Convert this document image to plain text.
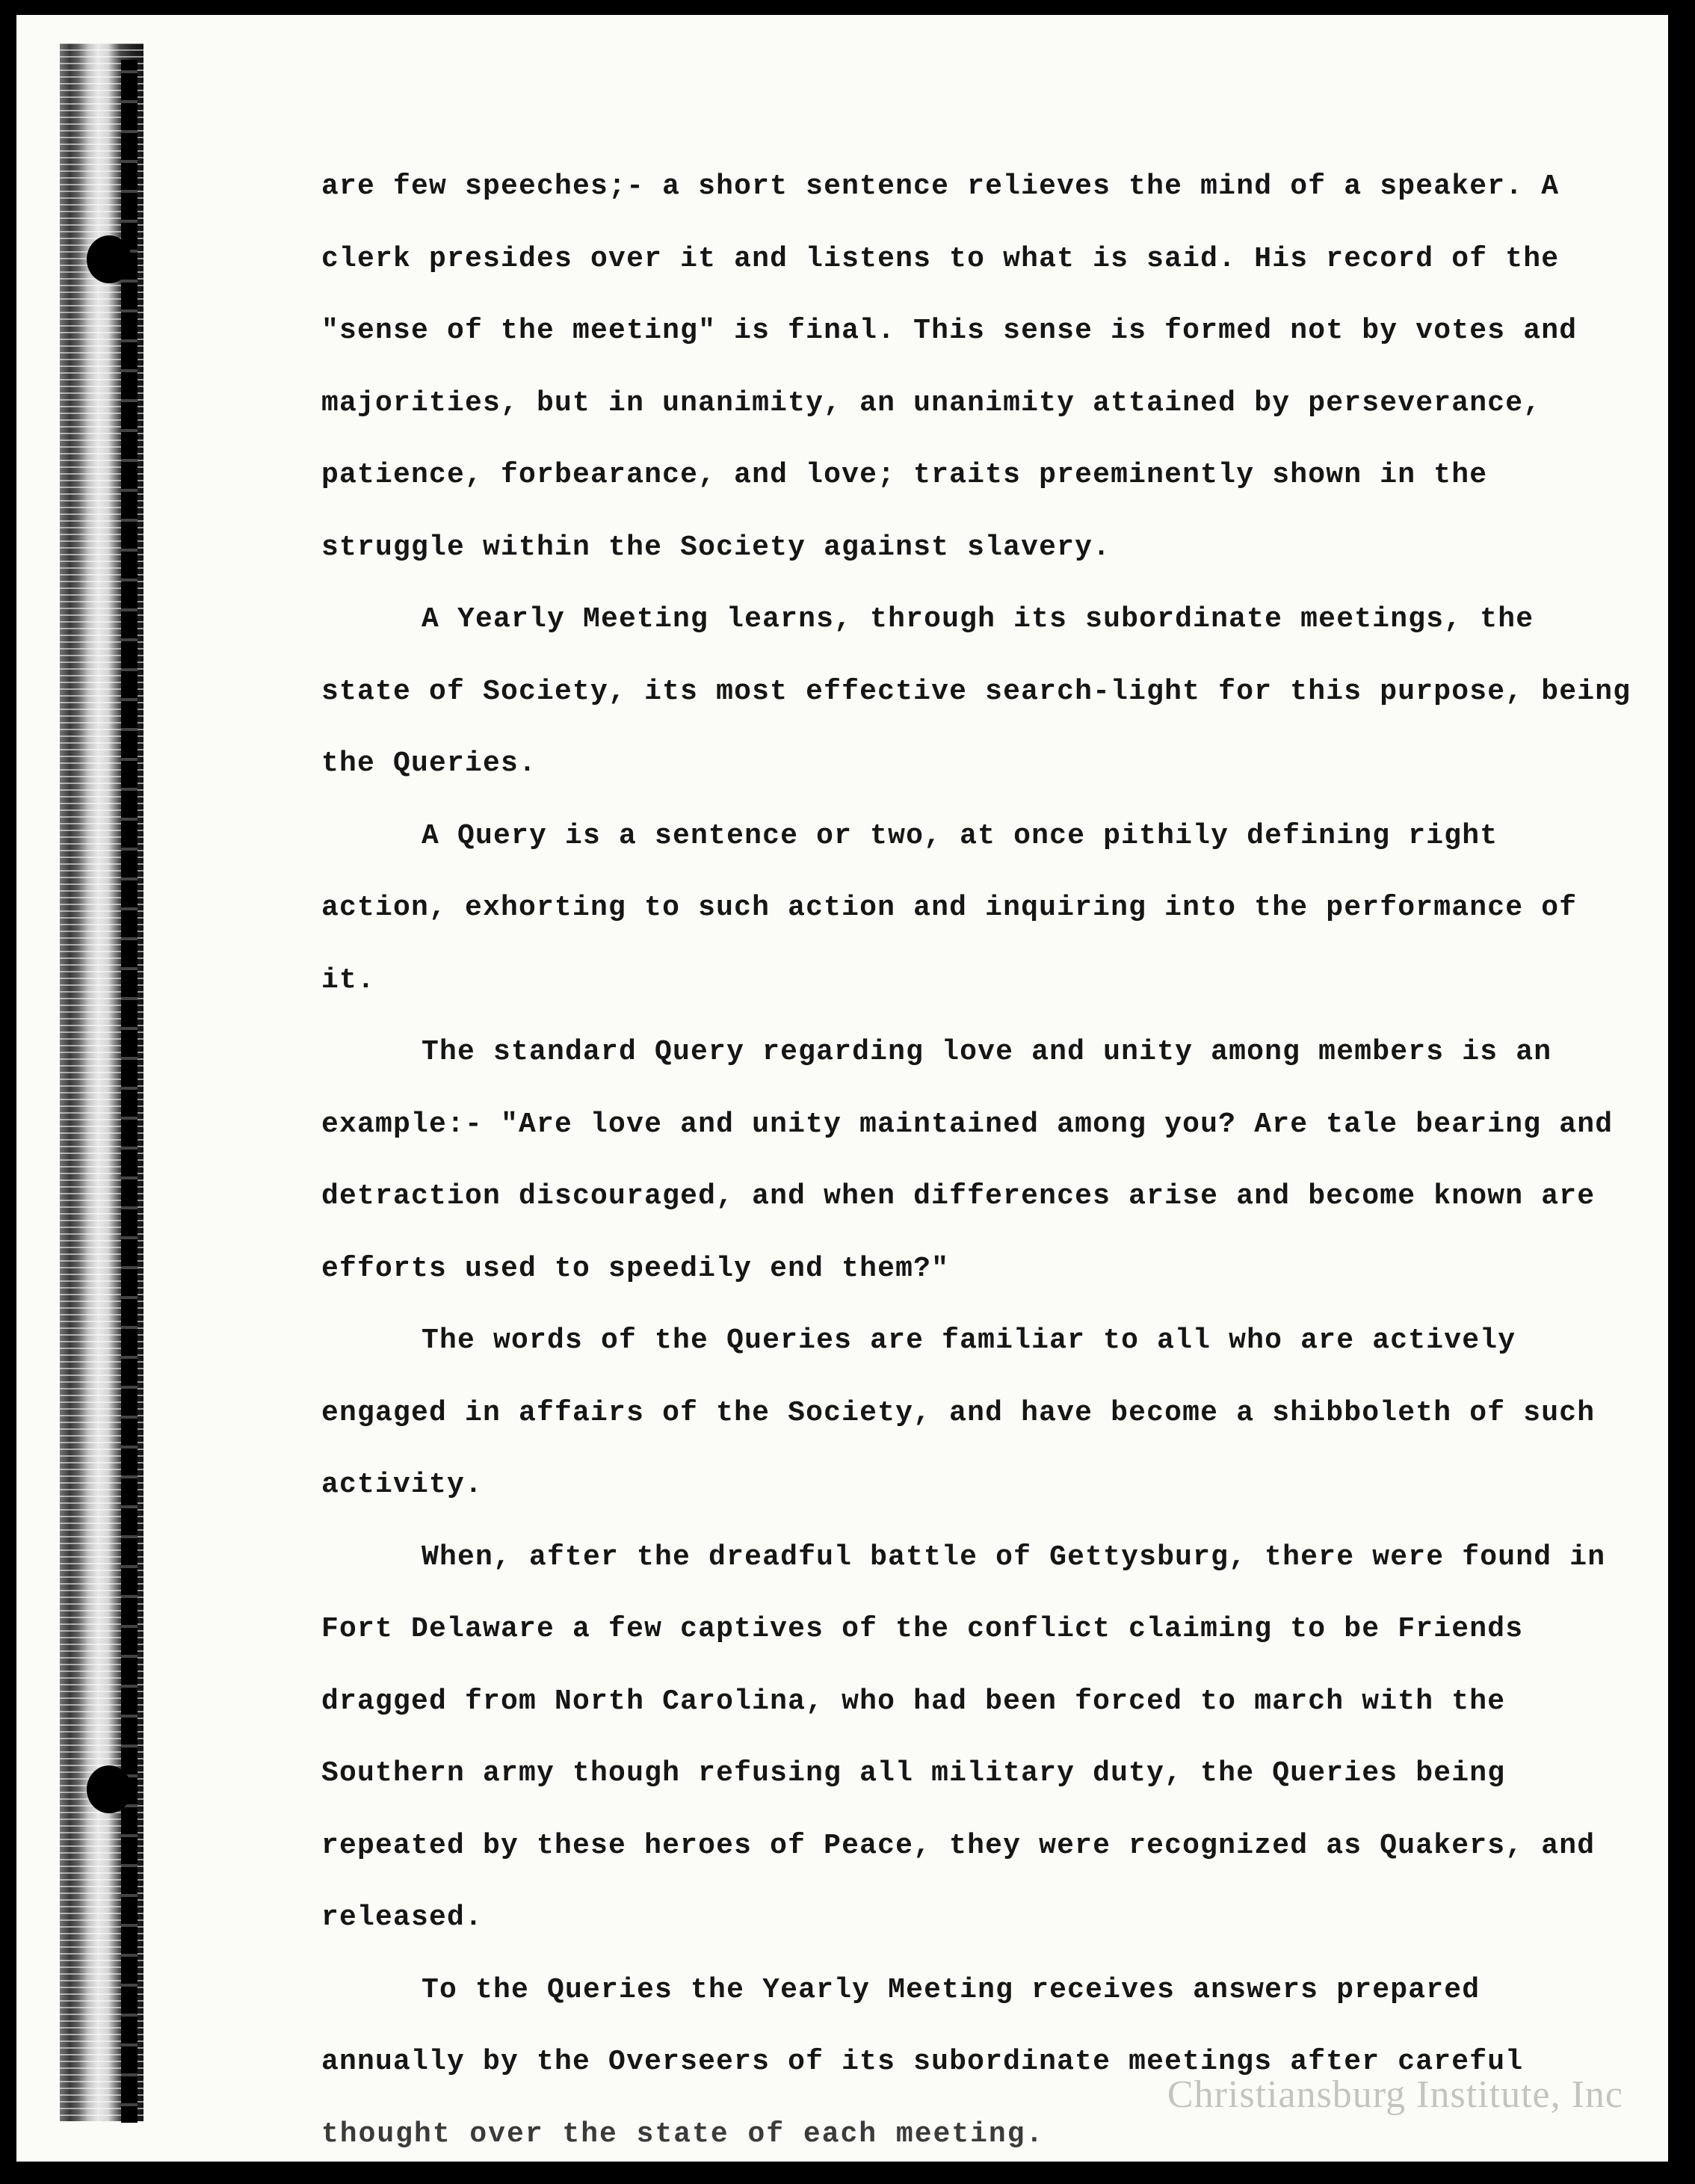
are few speeches;- a short sentence relieves the mind of a speaker. A clerk presides over it and listens to what is said. His record of the "sense of the meeting" is final. This sense is formed not by votes and majorities, but in unanimity, an unanimity attained by perseverance, patience, forbearance, and love; traits preeminently shown in the struggle within the Society against slavery.

A Yearly Meeting learns, through its subordinate meetings, the state of Society, its most effective search-light for this purpose, being the Queries.

A Query is a sentence or two, at once pithily defining right action, exhorting to such action and inquiring into the performance of it.

The standard Query regarding love and unity among members is an example:- "Are love and unity maintained among you? Are tale bearing and detraction discouraged, and when differences arise and become known are efforts used to speedily end them?"

The words of the Queries are familiar to all who are actively engaged in affairs of the Society, and have become a shibboleth of such activity.

When, after the dreadful battle of Gettysburg, there were found in Fort Delaware a few captives of the conflict claiming to be Friends dragged from North Carolina, who had been forced to march with the Southern army though refusing all military duty, the Queries being repeated by these heroes of Peace, they were recognized as Quakers, and released.

To the Queries the Yearly Meeting receives answers prepared annually by the Overseers of its subordinate meetings after careful

thought over the state of each meeting.

Christiansburg Institute, Inc
